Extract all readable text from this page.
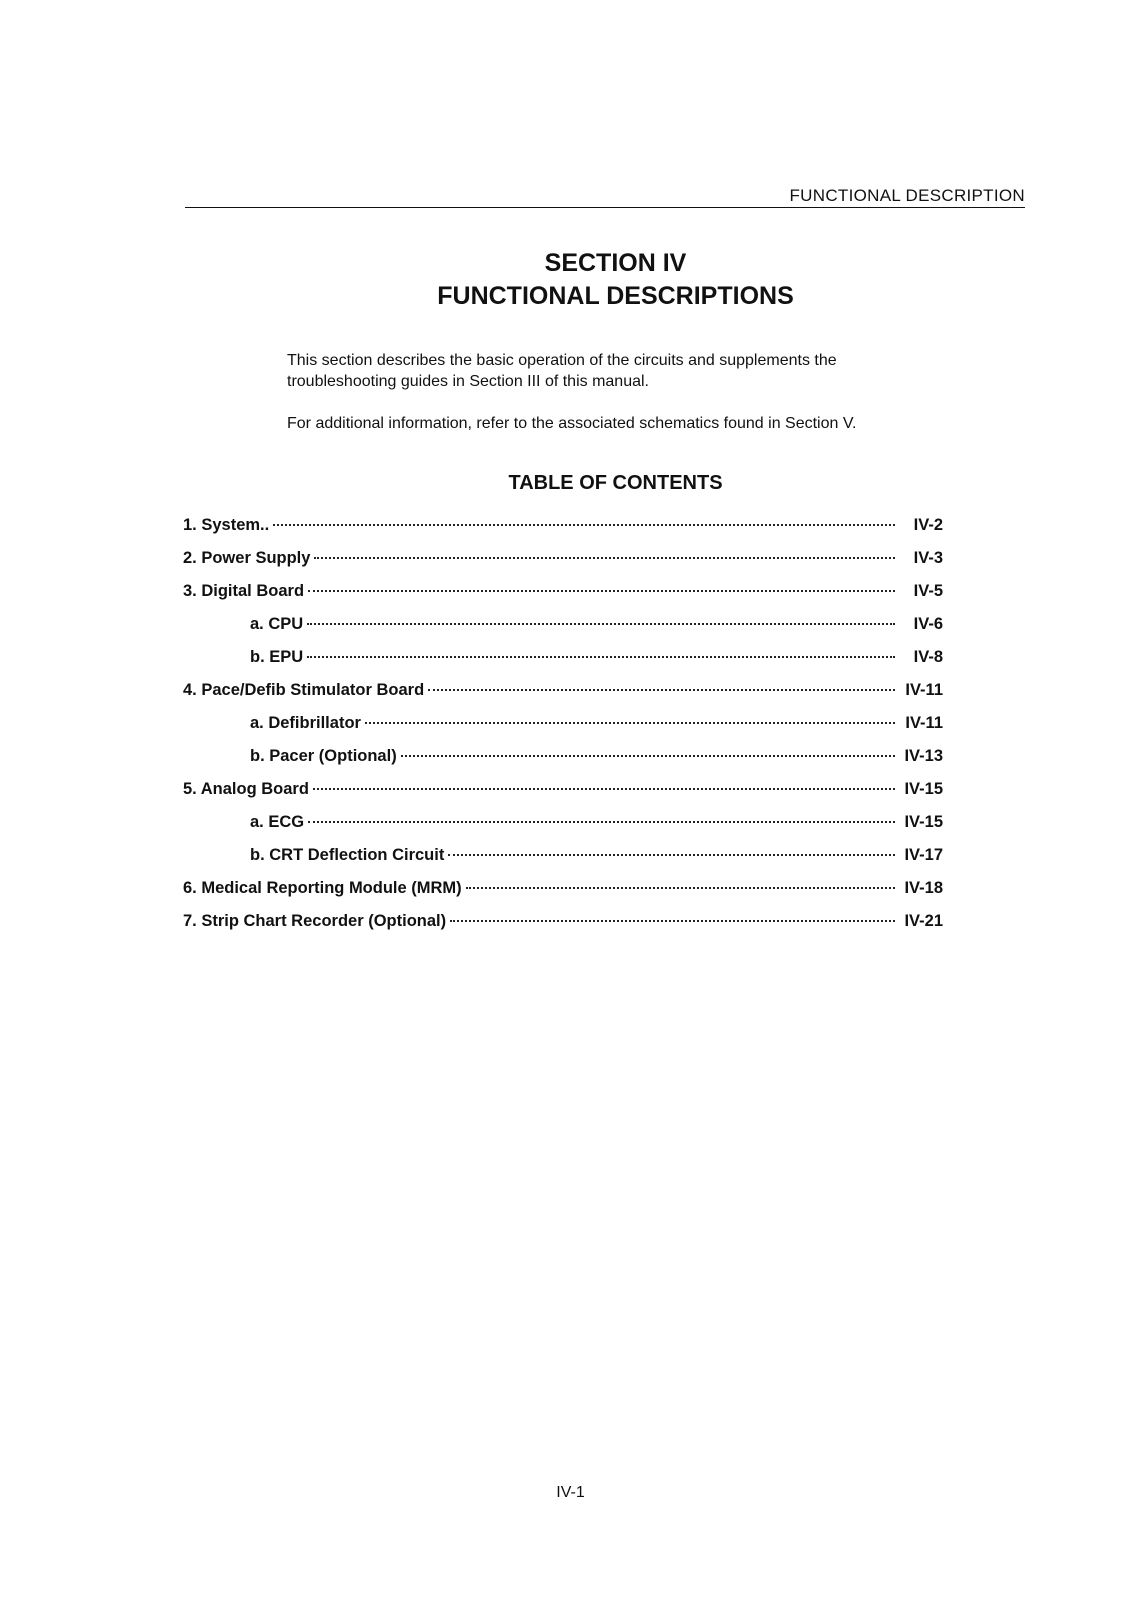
FUNCTIONAL DESCRIPTION
SECTION IV
FUNCTIONAL DESCRIPTIONS

This section describes the basic operation of the circuits and supplements the troubleshooting guides in Section III of this manual.

For additional information, refer to the associated schematics found in Section V.

TABLE OF CONTENTS
1. System..	IV-2
2. Power Supply	IV-3
3. Digital Board	IV-5
a. CPU	IV-6
b. EPU	IV-8
4. Pace/Defib Stimulator Board	IV-11
a. Defibrillator	IV-11
b. Pacer (Optional)	IV-13
5. Analog Board	IV-15
a. ECG	IV-15
b. CRT Deflection Circuit	IV-17
6. Medical Reporting Module (MRM)	IV-18
7. Strip Chart Recorder (Optional)	IV-21
IV-1
